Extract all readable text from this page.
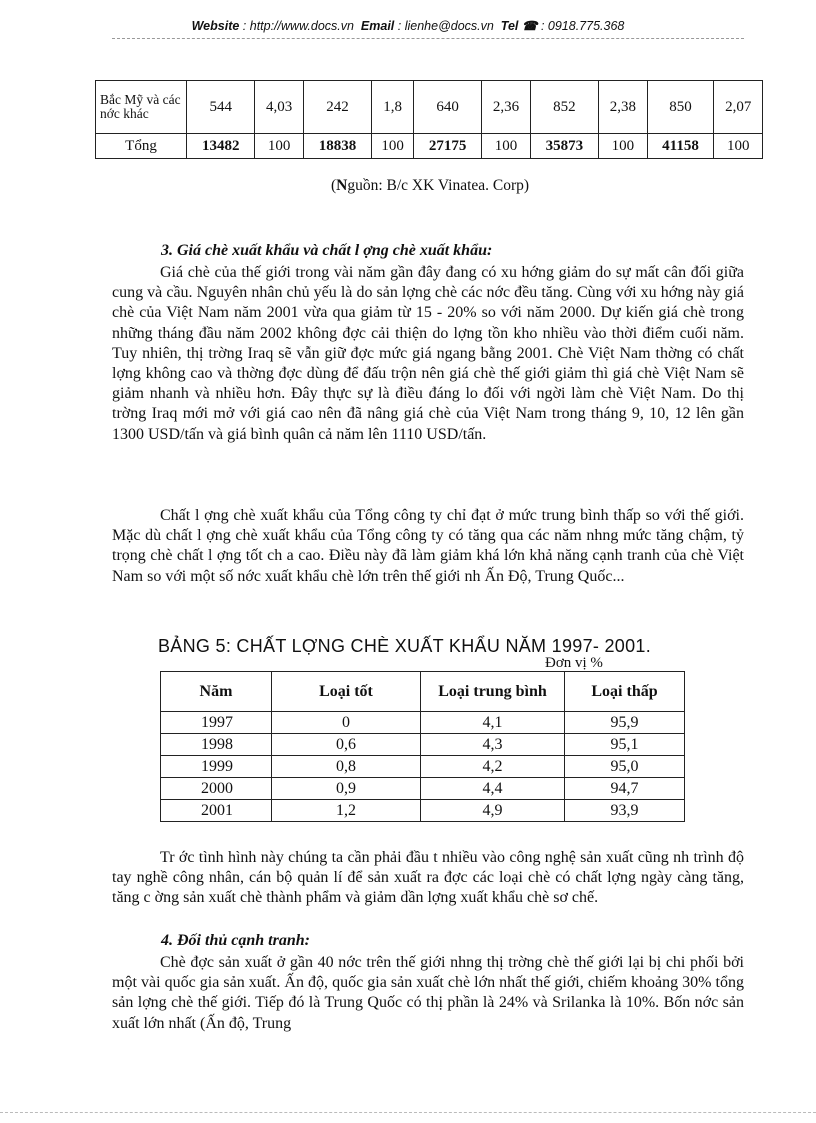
Website : http://www.docs.vn Email : lienhe@docs.vn Tel ☎ : 0918.775.368
Bắc Mỹ và các nớc khác	544	4,03	242	1,8	640	2,36	852	2,38	850	2,07
Tổng	13482	100	18838	100	27175	100	35873	100	41158	100
(Nguồn: B/c XK Vinatea. Corp)

3. Giá chè xuất khẩu và chất l ợng chè xuất khẩu:

Giá chè của thế giới trong vài năm gần đây đang có xu hớng giảm do sự mất cân đối giữa cung và cầu. Nguyên nhân chủ yếu là do sản lợng chè các nớc đều tăng. Cùng với xu hớng này giá chè của Việt Nam năm 2001 vừa qua giảm từ 15 - 20% so với năm 2000. Dự kiến giá chè trong những tháng đầu năm 2002 không đợc cải thiện do lợng tồn kho nhiều vào thời điểm cuối năm. Tuy nhiên, thị trờng Iraq sẽ vẫn giữ đợc mức giá ngang bằng 2001. Chè Việt Nam thờng có chất lợng không cao và thờng đợc dùng để đấu trộn nên giá chè thế giới giảm thì giá chè Việt Nam sẽ giảm nhanh và nhiều hơn. Đây thực sự là điều đáng lo đối với ngời làm chè Việt Nam. Do thị trờng Iraq mới mở với giá cao nên đã nâng giá chè của Việt Nam trong tháng 9, 10, 12 lên gần 1300 USD/tấn và giá bình quân cả năm lên 1110 USD/tấn.

Chất l ợng chè xuất khẩu của Tổng công ty chỉ đạt ở mức trung bình thấp so với thế giới. Mặc dù chất l ợng chè xuất khẩu của Tổng công ty có tăng qua các năm nhng mức tăng chậm, tỷ trọng chè chất l ợng tốt ch a cao. Điều này đã làm giảm khá lớn khả năng cạnh tranh của chè Việt Nam so với một số nớc xuất khẩu chè lớn trên thế giới nh Ấn Độ, Trung Quốc...

BẢNG 5: CHẤT LỢNG CHÈ XUẤT KHẨU NĂM 1997- 2001.
Đơn vị %
Năm	Loại tốt	Loại trung bình	Loại thấp
1997	0	4,1	95,9
1998	0,6	4,3	95,1
1999	0,8	4,2	95,0
2000	0,9	4,4	94,7
2001	1,2	4,9	93,9

Tr ớc tình hình này chúng ta cần phải đầu t nhiều vào công nghệ sản xuất cũng nh trình độ tay nghề công nhân, cán bộ quản lí để sản xuất ra đợc các loại chè có chất lợng ngày càng tăng, tăng c ờng sản xuất chè thành phẩm và giảm dần lợng xuất khẩu chè sơ chế.

4. Đối thủ cạnh tranh:

Chè đợc sản xuất ở gần 40 nớc trên thế giới nhng thị trờng chè thế giới lại bị chi phối bởi một vài quốc gia sản xuất. Ấn độ, quốc gia sản xuất chè lớn nhất thế giới, chiếm khoảng 30% tổng sản lợng chè thế giới. Tiếp đó là Trung Quốc có thị phần là 24% và Srilanka là 10%. Bốn nớc sản xuất lớn nhất (Ấn độ, Trung
